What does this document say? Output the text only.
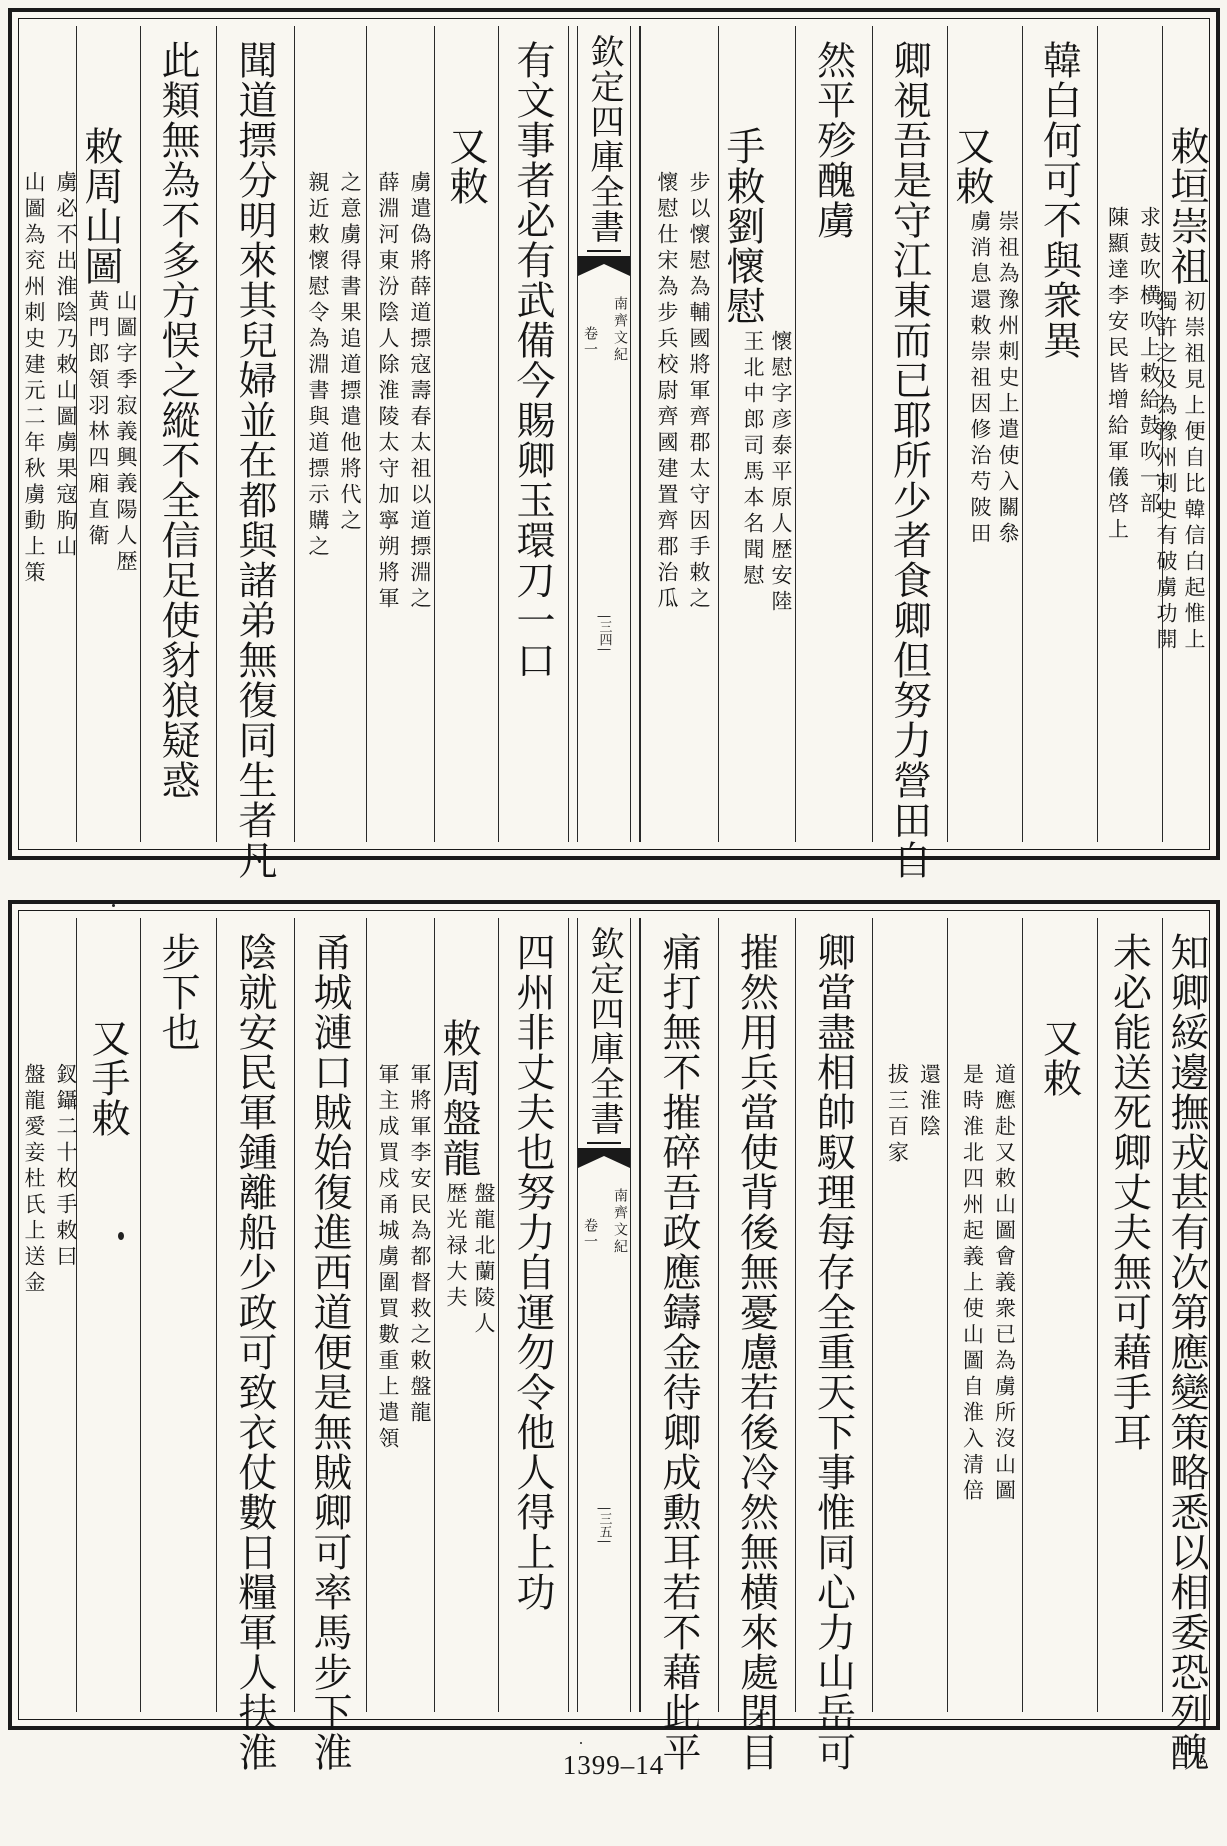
敕垣崇祖
初崇祖見上便自比韓信白起惟上
獨許之及為豫州刺史有破虜功開
陳顯達李安民皆增給軍儀啓上 求鼓吹横吹上敕給鼓吹一部
韓白何可不與衆異
又敕
崇祖為豫州刺史上遣使入關叅
虜消息還敕崇祖因修治芍陂田
卿視吾是守江東而已耶所少者食卿但努力營田自
然平殄醜虜
手敕劉懷慰
懷慰字彦泰平原人歴安陸
王北中郎司馬本名聞慰
懷慰仕宋為步兵校尉齊國建置齊郡治瓜 步以懷慰為輔國將軍齊郡太守因手敕之
欽定四庫全書
卷一 南齊文紀
三四
有文事者必有武備今賜卿玉環刀一口
又敕
薛淵河東汾陰人除淮陵太守加寧朔將軍 虜遣偽將薛道摽寇壽春太祖以道摽淵之
親近敕懷慰令為淵書與道摽示購之 之意虜得書果追道摽遣他將代之
聞道摽分明來其兒婦並在都與諸弟無復同生者凡
此類無為不多方悮之縱不全信足使豺狼疑惑
敕周山圖
山圖字季寂義興義陽人歴
黄門郎領羽林四廂直衛
山圖為兖州刺史建元二年秋虜動上策 虜必不出淮陰乃敕山圖虜果寇朐山
知卿綏邊撫戎甚有次第應變策略悉以相委恐列醜
未必能送死卿丈夫無可藉手耳
又敕
是時淮北四州起義上使山圖自淮入清倍 道應赴又敕山圖會義衆已為虜所沒山圖
拔三百家 還淮陰
卿當盡相帥馭理每存全重天下事惟同心力山岳可
摧然用兵當使背後無憂慮若後冷然無横來處閉目
痛打無不摧碎吾政應鑄金待卿成勲耳若不藉此平
欽定四庫全書
卷一 南齊文紀
三五
四州非丈夫也努力自運勿令他人得上功
敕周盤龍
盤龍北蘭陵人
歴光禄大夫
軍主成買戍甬城虜圍買數重上遣領 軍將軍李安民為都督救之敕盤龍
甬城漣口賊始復進西道便是無賊卿可率馬步下淮
陰就安民軍鍾離船少政可致衣仗數日糧軍人扶淮
步下也
又手敕
盤龍愛妾杜氏上送金 釵鑷二十枚手敕曰
1399–14
